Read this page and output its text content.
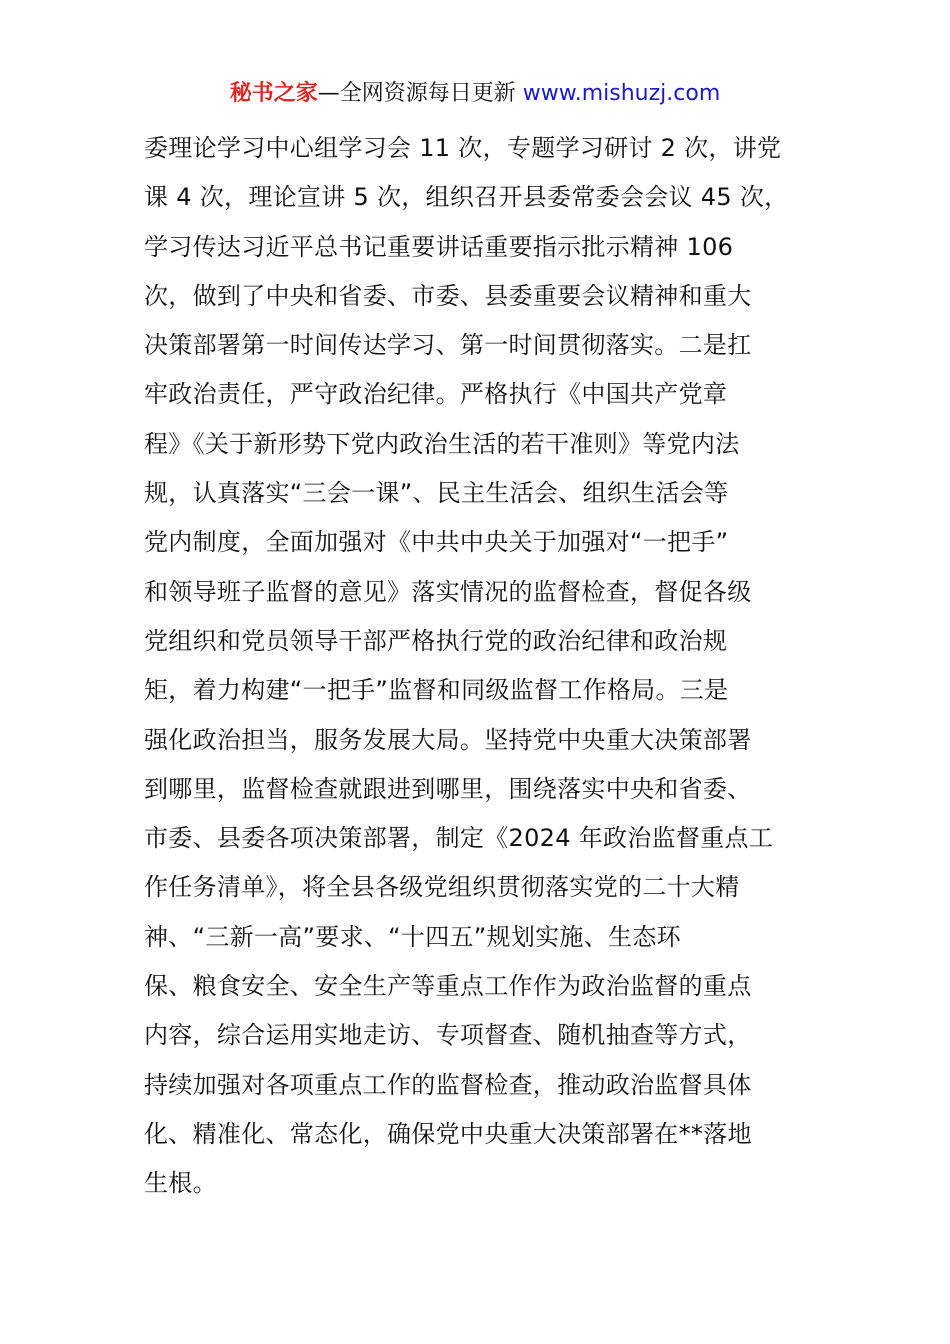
秘书之家—全网资源每日更新 www.mishuzj.com
委理论学习中心组学习会 11 次，专题学习研讨 2 次，讲党
课 4 次，理论宣讲 5 次，组织召开县委常委会会议 45 次，
学习传达习近平总书记重要讲话重要指示批示精神 106
次，做到了中央和省委、市委、县委重要会议精神和重大
决策部署第一时间传达学习、第一时间贯彻落实。二是扛
牢政治责任，严守政治纪律。严格执行《中国共产党章
程》《关于新形势下党内政治生活的若干准则》等党内法
规，认真落实“三会一课”、民主生活会、组织生活会等
党内制度，全面加强对《中共中央关于加强对“一把手”
和领导班子监督的意见》落实情况的监督检查，督促各级
党组织和党员领导干部严格执行党的政治纪律和政治规
矩，着力构建“一把手”监督和同级监督工作格局。三是
强化政治担当，服务发展大局。坚持党中央重大决策部署
到哪里，监督检查就跟进到哪里，围绕落实中央和省委、
市委、县委各项决策部署，制定《2024 年政治监督重点工
作任务清单》，将全县各级党组织贯彻落实党的二十大精
神、“三新一高”要求、“十四五”规划实施、生态环
保、粮食安全、安全生产等重点工作作为政治监督的重点
内容，综合运用实地走访、专项督查、随机抽查等方式，
持续加强对各项重点工作的监督检查，推动政治监督具体
化、精准化、常态化，确保党中央重大决策部署在**落地
生根。
